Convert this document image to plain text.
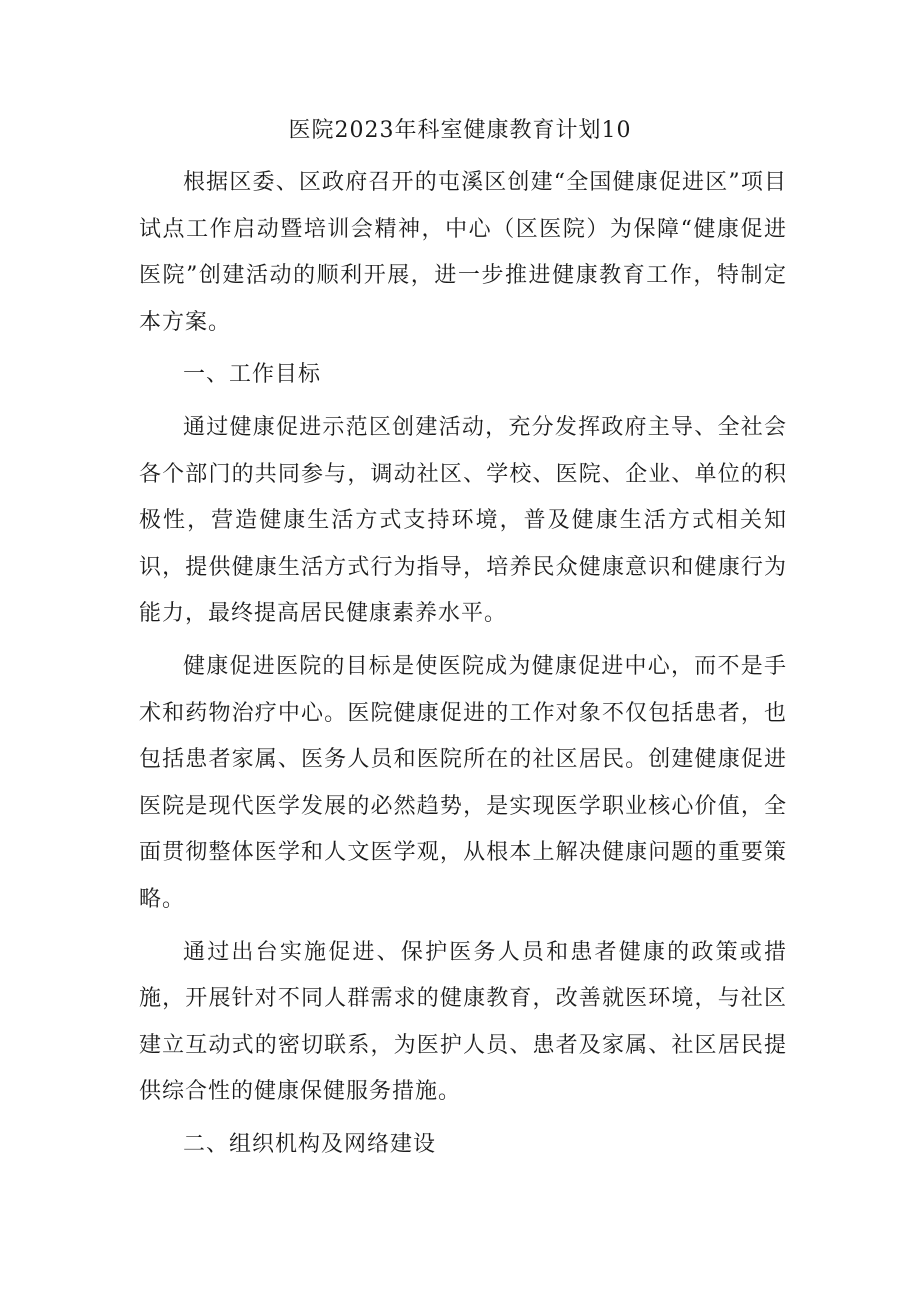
医院2023年科室健康教育计划10

根据区委、区政府召开的屯溪区创建“全国健康促进区”项目试点工作启动暨培训会精神，中心（区医院）为保障“健康促进医院”创建活动的顺利开展，进一步推进健康教育工作，特制定本方案。

一、工作目标

通过健康促进示范区创建活动，充分发挥政府主导、全社会各个部门的共同参与，调动社区、学校、医院、企业、单位的积极性，营造健康生活方式支持环境，普及健康生活方式相关知识，提供健康生活方式行为指导，培养民众健康意识和健康行为能力，最终提高居民健康素养水平。

健康促进医院的目标是使医院成为健康促进中心，而不是手术和药物治疗中心。医院健康促进的工作对象不仅包括患者，也包括患者家属、医务人员和医院所在的社区居民。创建健康促进医院是现代医学发展的必然趋势，是实现医学职业核心价值，全面贯彻整体医学和人文医学观，从根本上解决健康问题的重要策略。

通过出台实施促进、保护医务人员和患者健康的政策或措施，开展针对不同人群需求的健康教育，改善就医环境，与社区建立互动式的密切联系，为医护人员、患者及家属、社区居民提供综合性的健康保健服务措施。

二、组织机构及网络建设
